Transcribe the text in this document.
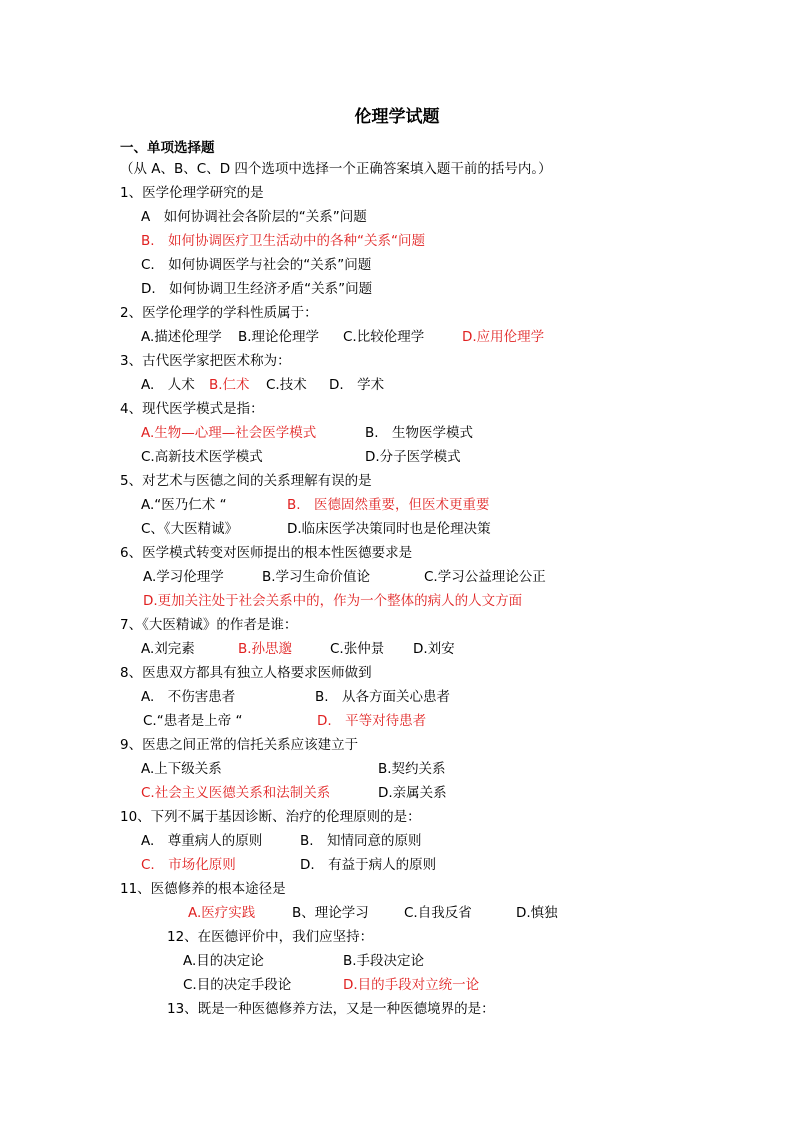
伦理学试题
一、单项选择题
（从 A、B、C、D 四个选项中选择一个正确答案填入题干前的括号内。）
1、医学伦理学研究的是
A　如何协调社会各阶层的“关系”问题
B.　如何协调医疗卫生活动中的各种“关系“问题
C.　如何协调医学与社会的“关系”问题
D.　如何协调卫生经济矛盾“关系”问题
2、医学伦理学的学科性质属于：
A.描述伦理学 B.理论伦理学 C.比较伦理学	D.应用伦理学
3、古代医学家把医术称为：
A.　人术 B.仁术 C.技术 D.　学术
4、现代医学模式是指：
A.生物—心理—社会医学模式	B.　生物医学模式
C.高新技术医学模式	D.分子医学模式
5、对艺术与医德之间的关系理解有误的是
A.“医乃仁术 “	B.　医德固然重要，但医术更重要
C、《大医精诚》	D.临床医学决策同时也是伦理决策
6、医学模式转变对医师提出的根本性医德要求是
A.学习伦理学	B.学习生命价值论	C.学习公益理论公正
D.更加关注处于社会关系中的，作为一个整体的病人的人文方面
7、《大医精诚》的作者是谁：
A.刘完素	B.孙思邈	C.张仲景 D.刘安
8、医患双方都具有独立人格要求医师做到
A.　不伤害患者	B.　从各方面关心患者
C.“患者是上帝 “	D.　平等对待患者
9、医患之间正常的信托关系应该建立于
A.上下级关系	B.契约关系
C.社会主义医德关系和法制关系	D.亲属关系
10、下列不属于基因诊断、治疗的伦理原则的是：
A.　尊重病人的原则	B.　知情同意的原则
C.　市场化原则	D.　有益于病人的原则
11、医德修养的根本途径是
A.医疗实践	B、理论学习	C.自我反省	D.慎独
12、在医德评价中，我们应坚持：
A.目的决定论	B.手段决定论
C.目的决定手段论	D.目的手段对立统一论
13、既是一种医德修养方法，又是一种医德境界的是：
